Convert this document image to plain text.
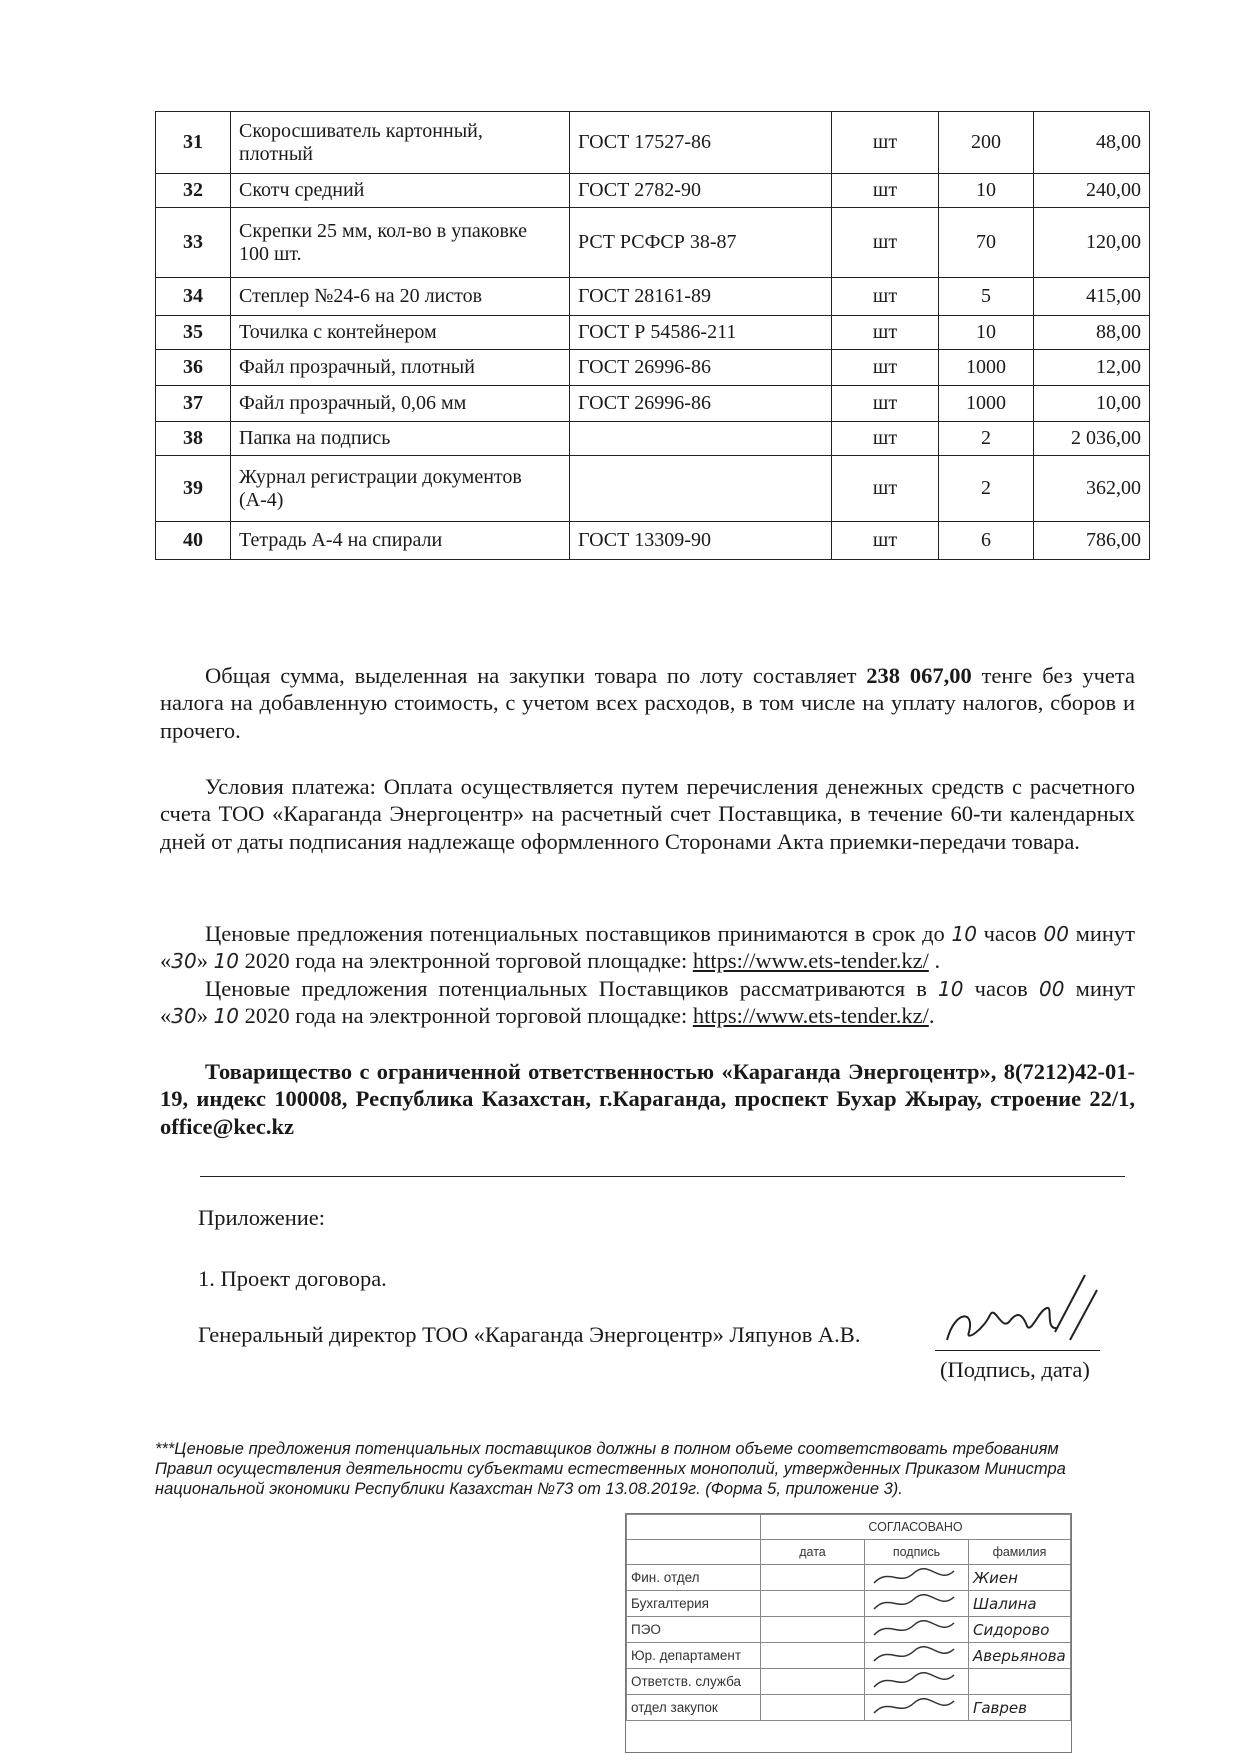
31	Скоросшиватель картонный, плотный	ГОСТ 17527-86	шт	200	48,00
32	Скотч средний	ГОСТ 2782-90	шт	10	240,00
33	Скрепки 25 мм, кол-во в упаковке 100 шт.	РСТ РСФСР 38-87	шт	70	120,00
34	Степлер №24-6 на 20 листов	ГОСТ 28161-89	шт	5	415,00
35	Точилка с контейнером	ГОСТ Р 54586-211	шт	10	88,00
36	Файл прозрачный, плотный	ГОСТ 26996-86	шт	1000	12,00
37	Файл прозрачный, 0,06 мм	ГОСТ 26996-86	шт	1000	10,00
38	Папка на подпись		шт	2	2 036,00
39	Журнал регистрации документов (А-4)		шт	2	362,00
40	Тетрадь А-4 на спирали	ГОСТ 13309-90	шт	6	786,00
Общая сумма, выделенная на закупки товара по лоту составляет 238 067,00 тенге без учета налога на добавленную стоимость, с учетом всех расходов, в том числе на уплату налогов, сборов и прочего.
Условия платежа: Оплата осуществляется путем перечисления денежных средств с расчетного счета ТОО «Караганда Энергоцентр» на расчетный счет Поставщика, в течение 60-ти календарных дней от даты подписания надлежаще оформленного Сторонами Акта приемки-передачи товара.
Ценовые предложения потенциальных поставщиков принимаются в срок до 10 часов 00 минут «30» 10 2020 года на электронной торговой площадке: https://www.ets-tender.kz/ .
Ценовые предложения потенциальных Поставщиков рассматриваются в 10 часов 00 минут «30» 10 2020 года на электронной торговой площадке: https://www.ets-tender.kz/.
Товарищество с ограниченной ответственностью «Караганда Энергоцентр», 8(7212)42-01-19, индекс 100008, Республика Казахстан, г.Караганда, проспект Бухар Жырау, строение 22/1, office@kec.kz
Приложение:
1. Проект договора.
Генеральный директор ТОО «Караганда Энергоцентр» Ляпунов А.В.
(Подпись, дата)
***Ценовые предложения потенциальных поставщиков должны в полном объеме соответствовать требованиям Правил осуществления деятельности субъектами естественных монополий, утвержденных Приказом Министра национальной экономики Республики Казахстан №73 от 13.08.2019г. (Форма 5, приложение 3).
	СОГЛАСОВАНО		
	дата	подпись	фамилия
Фин. отдел			Жиен
Бухгалтерия			Шалина
ПЭО			Сидорово
Юр. департамент			Аверьянова
Ответств. служба			
отдел закупок			Гаврев
